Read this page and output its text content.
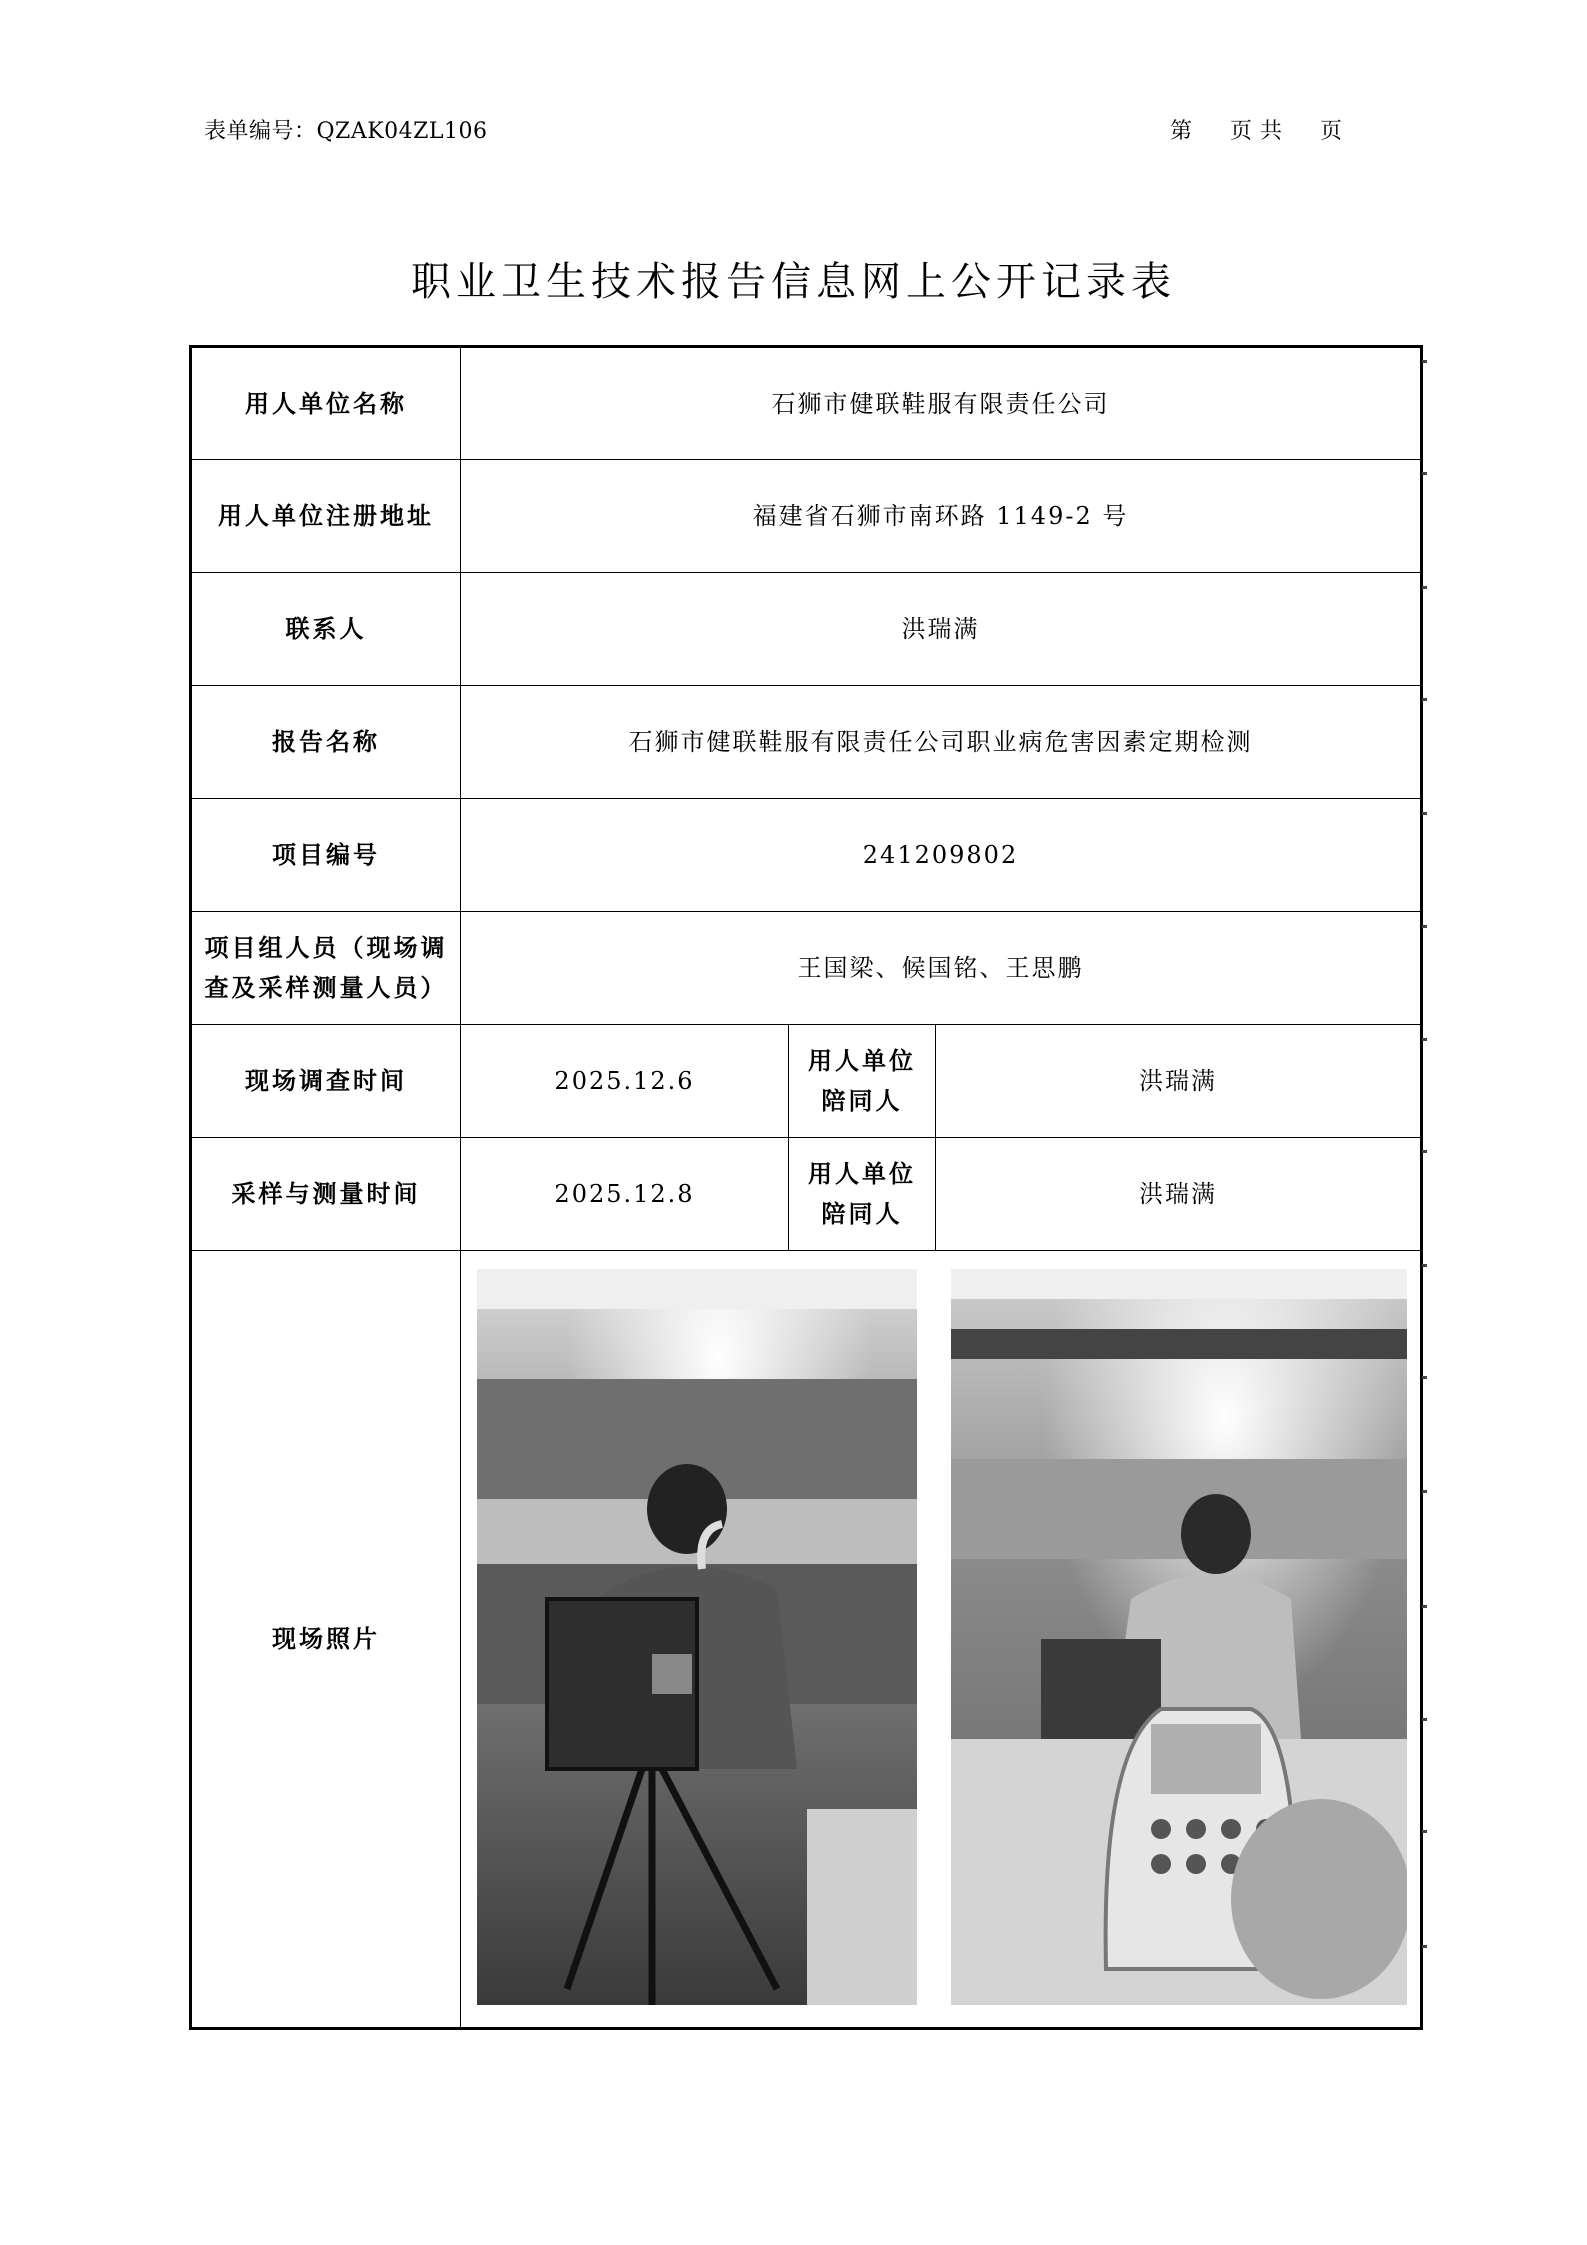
表单编号：QZAK04ZL106	第 页 共 页
职业卫生技术报告信息网上公开记录表
用人单位名称	石狮市健联鞋服有限责任公司		
用人单位注册地址	福建省石狮市南环路 1149-2 号		
联系人	洪瑞满		
报告名称	石狮市健联鞋服有限责任公司职业病危害因素定期检测		
项目编号	241209802		
项目组人员（现场调查及采样测量人员）	王国梁、候国铭、王思鹏		
现场调查时间	2025.12.6	用人单位陪同人	洪瑞满
采样与测量时间	2025.12.8	用人单位陪同人	洪瑞满
现场照片	
